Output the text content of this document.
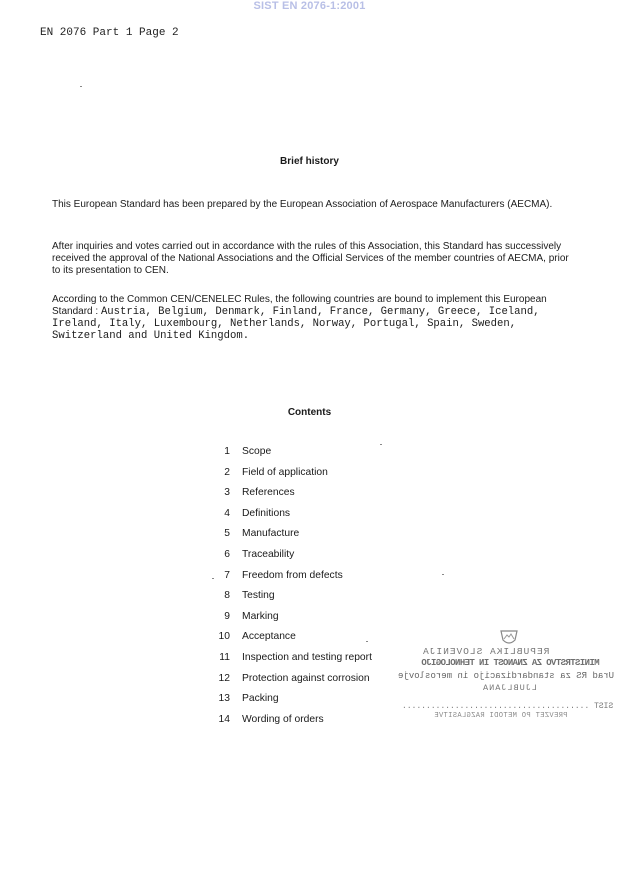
SIST EN 2076-1:2001
EN 2076 Part 1 Page 2
Brief history
This European Standard has been prepared by the European Association of Aerospace Manufacturers (AECMA).
After inquiries and votes carried out in accordance with the rules of this Association, this Standard has successively received the approval of the National Associations and the Official Services of the member countries of AECMA, prior to its presentation to CEN.
According to the Common CEN/CENELEC Rules, the following countries are bound to implement this European Standard : Austria, Belgium, Denmark, Finland, France, Germany, Greece, Iceland, Ireland, Italy, Luxembourg, Netherlands, Norway, Portugal, Spain, Sweden, Switzerland and United Kingdom.
Contents
1 Scope
2 Field of application
3 References
4 Definitions
5 Manufacture
6 Traceability
7 Freedom from defects
8 Testing
9 Marking
10 Acceptance
11 Inspection and testing report
12 Protection against corrosion
13 Packing
14 Wording of orders
REPUBLIKA SLOVENIJA
MINISTRSTVO ZA ZNANOST IN TEHNOLOGIJO
Urad RS za standardizacijo in meroslovje
LJUBLJANA
SIST .......................................
PREVZET PO METODI RAZGLASITVE
